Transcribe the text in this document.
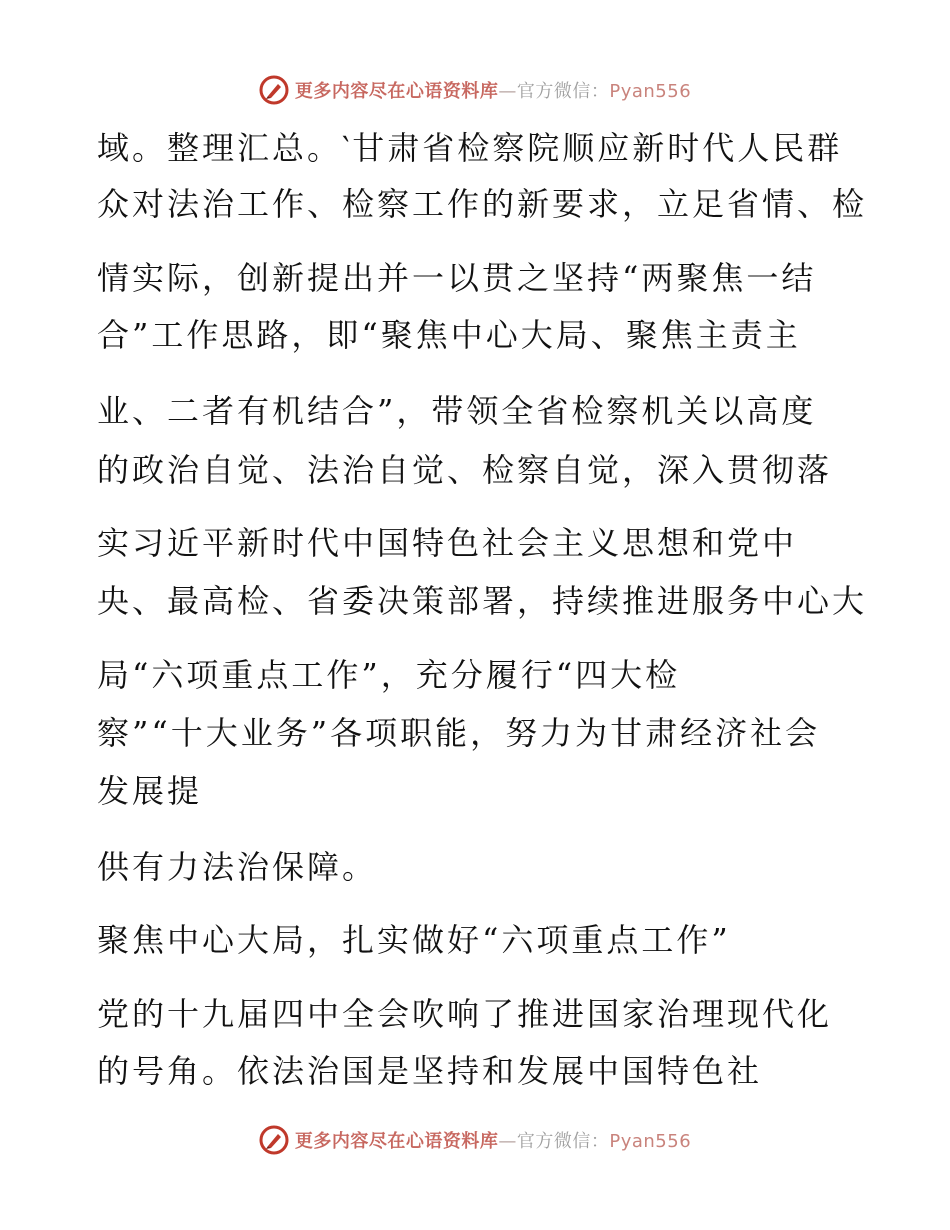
更多内容尽在心语资料库—官方微信：Pyan556
域。整理汇总。‵甘肃省检察院顺应新时代人民群
众对法治工作、检察工作的新要求，立足省情、检
情实际，创新提出并一以贯之坚持“两聚焦一结
合”工作思路，即“聚焦中心大局、聚焦主责主
业、二者有机结合”，带领全省检察机关以高度
的政治自觉、法治自觉、检察自觉，深入贯彻落
实习近平新时代中国特色社会主义思想和党中
央、最高检、省委决策部署，持续推进服务中心大
局“六项重点工作”，充分履行“四大检
察”“十大业务”各项职能，努力为甘肃经济社会
发展提
供有力法治保障。
聚焦中心大局，扎实做好“六项重点工作”
党的十九届四中全会吹响了推进国家治理现代化
的号角。依法治国是坚持和发展中国特色社
更多内容尽在心语资料库—官方微信：Pyan556
